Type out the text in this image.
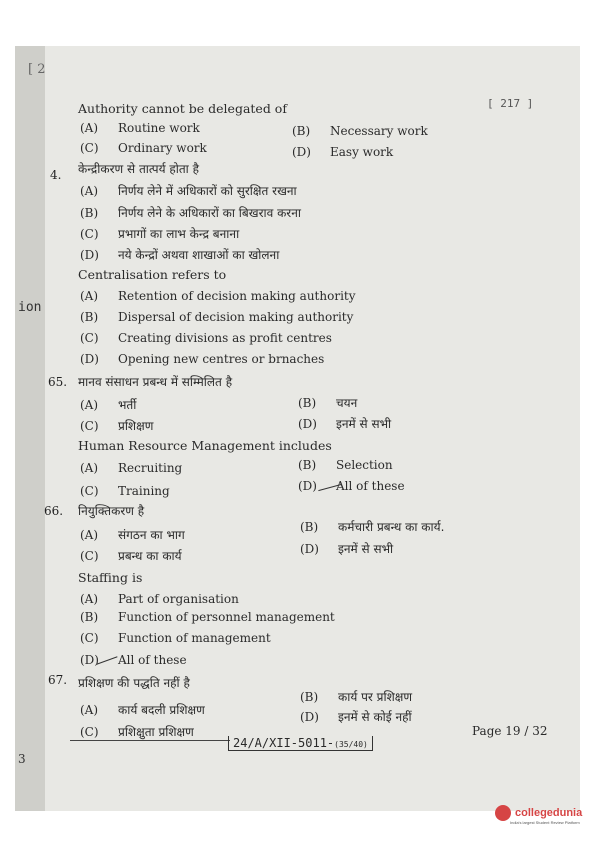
[ 2
[ 217 ]
ion
3
Authority cannot be delegated of
(A) Routine work	(B) Necessary work
(C) Ordinary work	(D) Easy work
4. केन्द्रीकरण से तात्पर्य होता है
(A) निर्णय लेने में अधिकारों को सुरक्षित रखना
(B) निर्णय लेने के अधिकारों का बिखराव करना
(C) प्रभागों का लाभ केन्द्र बनाना
(D) नये केन्द्रों अथवा शाखाओं का खोलना
Centralisation refers to
(A) Retention of decision making authority
(B) Dispersal of decision making authority
(C) Creating divisions as profit centres
(D) Opening new centres or brnaches
65. मानव संसाधन प्रबन्ध में सम्मिलित है
(A) भर्ती	(B) चयन
(C) प्रशिक्षण	(D) इनमें से सभी
Human Resource Management includes
(A) Recruiting	(B) Selection
(C) Training	(D) All of these
66. नियुक्तिकरण है
(A) संगठन का भाग
(B) कर्मचारी प्रबन्ध का कार्य.
(C) प्रबन्ध का कार्य	(D) इनमें से सभी
Staffing is
(A) Part of organisation
(B) Function of personnel management
(C) Function of management
(D) All of these
67. प्रशिक्षण की पद्धति नहीं है
(A) कार्य बदली प्रशिक्षण
(B) कार्य पर प्रशिक्षण
(C) प्रशिक्षुता प्रशिक्षण
(D) इनमें से कोई नहीं
24/A/XII-5011-(35/40)
Page 19 / 32
collegedunia
India's largest Student Review Platform
